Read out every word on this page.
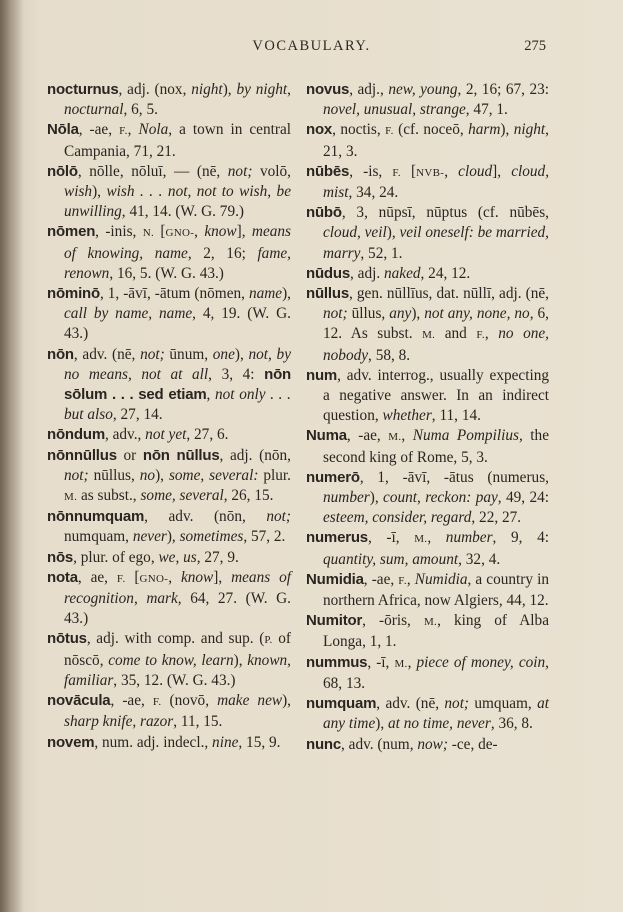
VOCABULARY.	275

nocturnus, adj. (nox, night), by night, nocturnal, 6, 5.

Nōla, -ae, F., Nola, a town in central Campania, 71, 21.

nōlō, nōlle, nōluī, — (nē, not; volō, wish), wish . . . not, not to wish, be unwilling, 41, 14. (W. G. 79.)

nōmen, -inis, N. [GNO-, know], means of knowing, name, 2, 16; fame, renown, 16, 5. (W. G. 43.)

nōminō, 1, -āvī, -ātum (nōmen, name), call by name, name, 4, 19. (W. G. 43.)

nōn, adv. (nē, not; ūnum, one), not, by no means, not at all, 3, 4: nōn sōlum . . . sed etiam, not only . . . but also, 27, 14.

nōndum, adv., not yet, 27, 6.

nōnnūllus or nōn nūllus, adj. (nōn, not; nūllus, no), some, several: plur. M. as subst., some, several, 26, 15.

nōnnumquam, adv. (nōn, not; numquam, never), sometimes, 57, 2.

nōs, plur. of ego, we, us, 27, 9.

nota, ae, F. [GNO-, know], means of recognition, mark, 64, 27. (W. G. 43.)

nōtus, adj. with comp. and sup. (P. of nōscō, come to know, learn), known, familiar, 35, 12. (W. G. 43.)

novācula, -ae, F. (novō, make new), sharp knife, razor, 11, 15.

novem, num. adj. indecl., nine, 15, 9.

novus, adj., new, young, 2, 16; 67, 23: novel, unusual, strange, 47, 1.

nox, noctis, F. (cf. noceō, harm), night, 21, 3.

nūbēs, -is, F. [NVB-, cloud], cloud, mist, 34, 24.

nūbō, 3, nūpsī, nūptus (cf. nūbēs, cloud, veil), veil oneself: be married, marry, 52, 1.

nūdus, adj. naked, 24, 12.

nūllus, gen. nūllīus, dat. nūllī, adj. (nē, not; ūllus, any), not any, none, no, 6, 12. As subst. M. and F., no one, nobody, 58, 8.

num, adv. interrog., usually expecting a negative answer. In an indirect question, whether, 11, 14.

Numa, -ae, M., Numa Pompilius, the second king of Rome, 5, 3.

numerō, 1, -āvī, -ātus (numerus, number), count, reckon: pay, 49, 24: esteem, consider, regard, 22, 27.

numerus, -ī, M., number, 9, 4: quantity, sum, amount, 32, 4.

Numidia, -ae, F., Numidia, a country in northern Africa, now Algiers, 44, 12.

Numitor, -ōris, M., king of Alba Longa, 1, 1.

nummus, -ī, M., piece of money, coin, 68, 13.

numquam, adv. (nē, not; umquam, at any time), at no time, never, 36, 8.

nunc, adv. (num, now; -ce, de-
